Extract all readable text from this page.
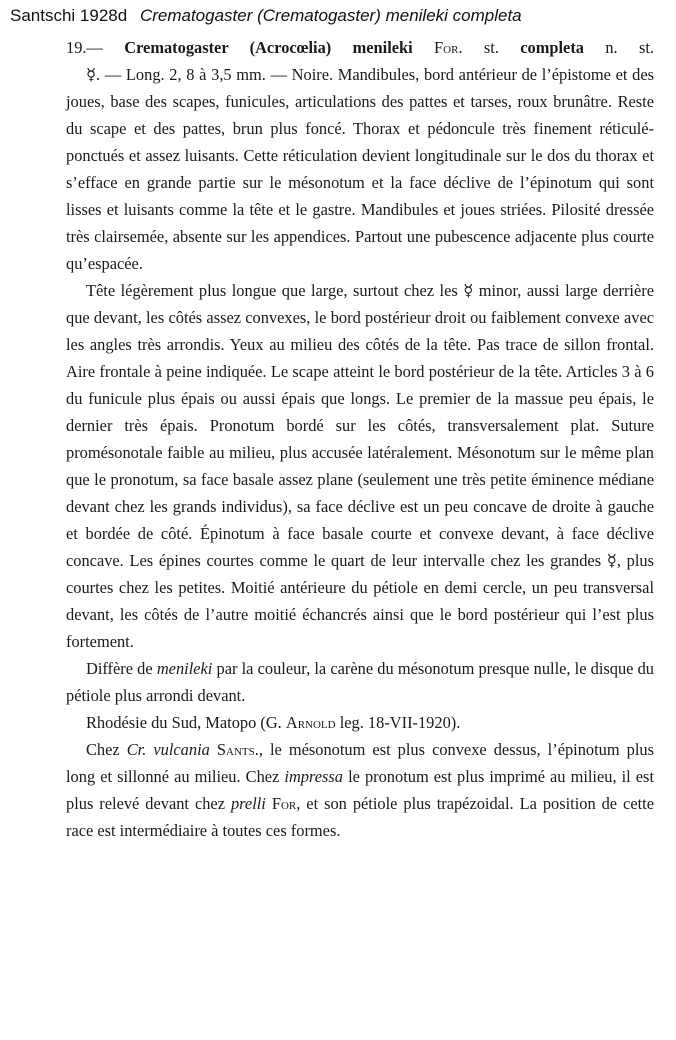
Santschi 1928d Crematogaster (Crematogaster) menileki completa

19.— Crematogaster (Acrocœlia) menileki For. st. completa n. st.

☿. — Long. 2, 8 à 3,5 mm. — Noire. Mandibules, bord antérieur de l’épistome et des joues, base des scapes, funicules, articulations des pattes et tarses, roux brunâtre. Reste du scape et des pattes, brun plus foncé. Thorax et pédoncule très finement réticulé-ponctués et assez luisants. Cette réticulation devient longitudinale sur le dos du thorax et s’efface en grande partie sur le mésonotum et la face déclive de l’épinotum qui sont lisses et luisants comme la tête et le gastre. Mandibules et joues striées. Pilosité dressée très clairsemée, absente sur les appendices. Partout une pubescence adjacente plus courte qu’espacée.

Tête légèrement plus longue que large, surtout chez les ☿ minor, aussi large derrière que devant, les côtés assez convexes, le bord postérieur droit ou faiblement convexe avec les angles très arrondis. Yeux au milieu des côtés de la tête. Pas trace de sillon frontal. Aire frontale à peine indiquée. Le scape atteint le bord postérieur de la tête. Articles 3 à 6 du funicule plus épais ou aussi épais que longs. Le premier de la massue peu épais, le dernier très épais. Pronotum bordé sur les côtés, transversalement plat. Suture promésonotale faible au milieu, plus accusée latéralement. Mésonotum sur le même plan que le pronotum, sa face basale assez plane (seulement une très petite éminence médiane devant chez les grands individus), sa face déclive est un peu concave de droite à gauche et bordée de côté. Épinotum à face basale courte et convexe devant, à face déclive concave. Les épines courtes comme le quart de leur intervalle chez les grandes ☿, plus courtes chez les petites. Moitié antérieure du pétiole en demi cercle, un peu transversal devant, les côtés de l’autre moitié échancrés ainsi que le bord postérieur qui l’est plus fortement.

Diffère de menileki par la couleur, la carène du mésonotum presque nulle, le disque du pétiole plus arrondi devant.

Rhodésie du Sud, Matopo (G. Arnold leg. 18-VII-1920).

Chez Cr. vulcania Sants., le mésonotum est plus convexe dessus, l’épinotum plus long et sillonné au milieu. Chez impressa le pronotum est plus imprimé au milieu, il est plus relevé devant chez prelli For, et son pétiole plus trapézoidal. La position de cette race est intermédiaire à toutes ces formes.
